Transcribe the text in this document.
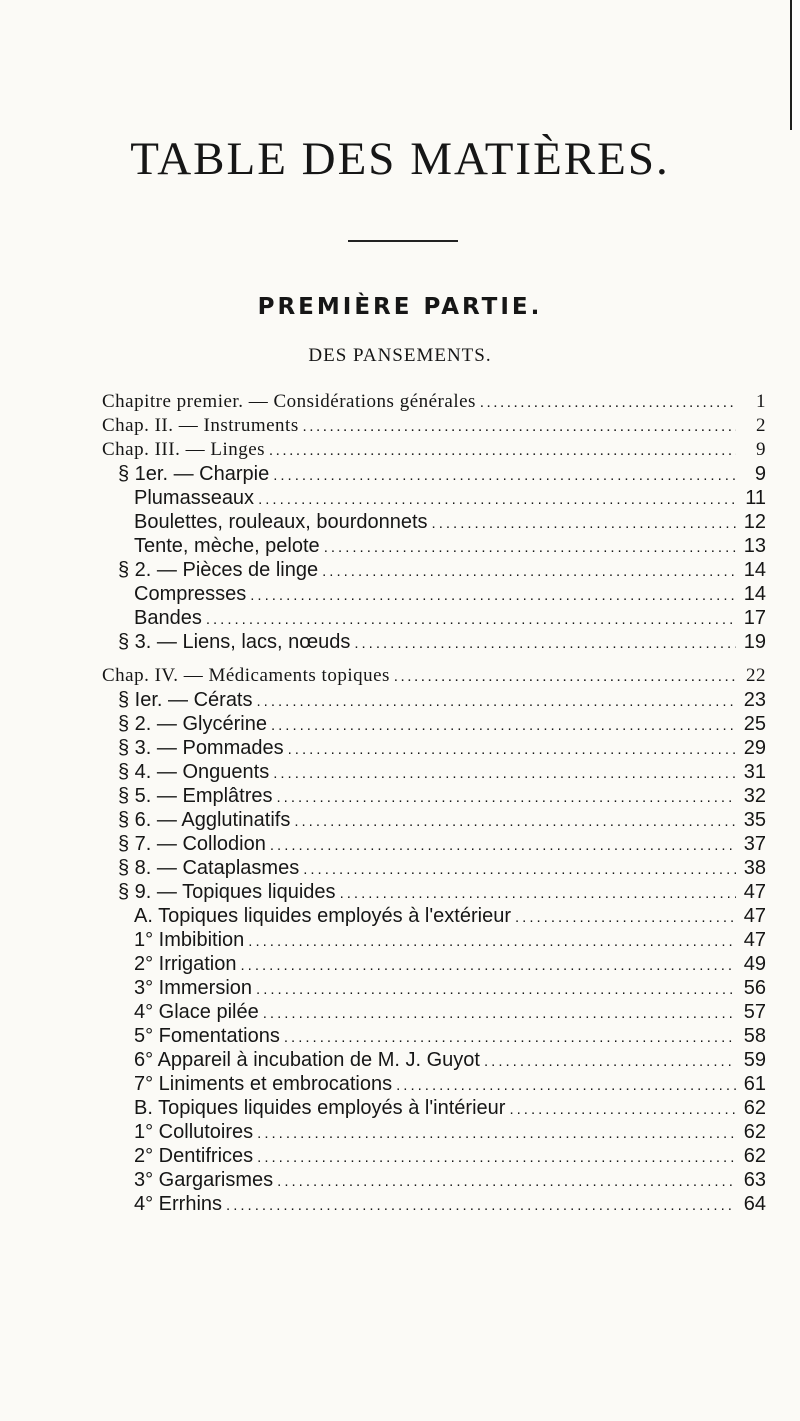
TABLE DES MATIÈRES.
PREMIÈRE PARTIE.
DES PANSEMENTS.
Chapitre premier. — Considérations générales .....	1
Chap. II. — Instruments .....	2
Chap. III. — Linges .....	9
§ 1er. — Charpie .....	9
Plumasseaux .....	11
Boulettes, rouleaux, bourdonnets .....	12
Tente, mèche, pelote .....	13
§ 2. — Pièces de linge .....	14
Compresses .....	14
Bandes .....	17
§ 3. — Liens, lacs, nœuds .....	19
Chap. IV. — Médicaments topiques .....	22
§ Ier. — Cérats .....	23
§ 2. — Glycérine .....	25
§ 3. — Pommades .....	29
§ 4. — Onguents .....	31
§ 5. — Emplâtres .....	32
§ 6. — Agglutinatifs .....	35
§ 7. — Collodion .....	37
§ 8. — Cataplasmes .....	38
§ 9. — Topiques liquides .....	47
A. Topiques liquides employés à l'extérieur .....	47
1° Imbibition .....	47
2° Irrigation .....	49
3° Immersion .....	56
4° Glace pilée .....	57
5° Fomentations .....	58
6° Appareil à incubation de M. J. Guyot .....	59
7° Liniments et embrocations .....	61
B. Topiques liquides employés à l'intérieur .....	62
1° Collutoires .....	62
2° Dentifrices .....	62
3° Gargarismes .....	63
4° Errhins .....	64
